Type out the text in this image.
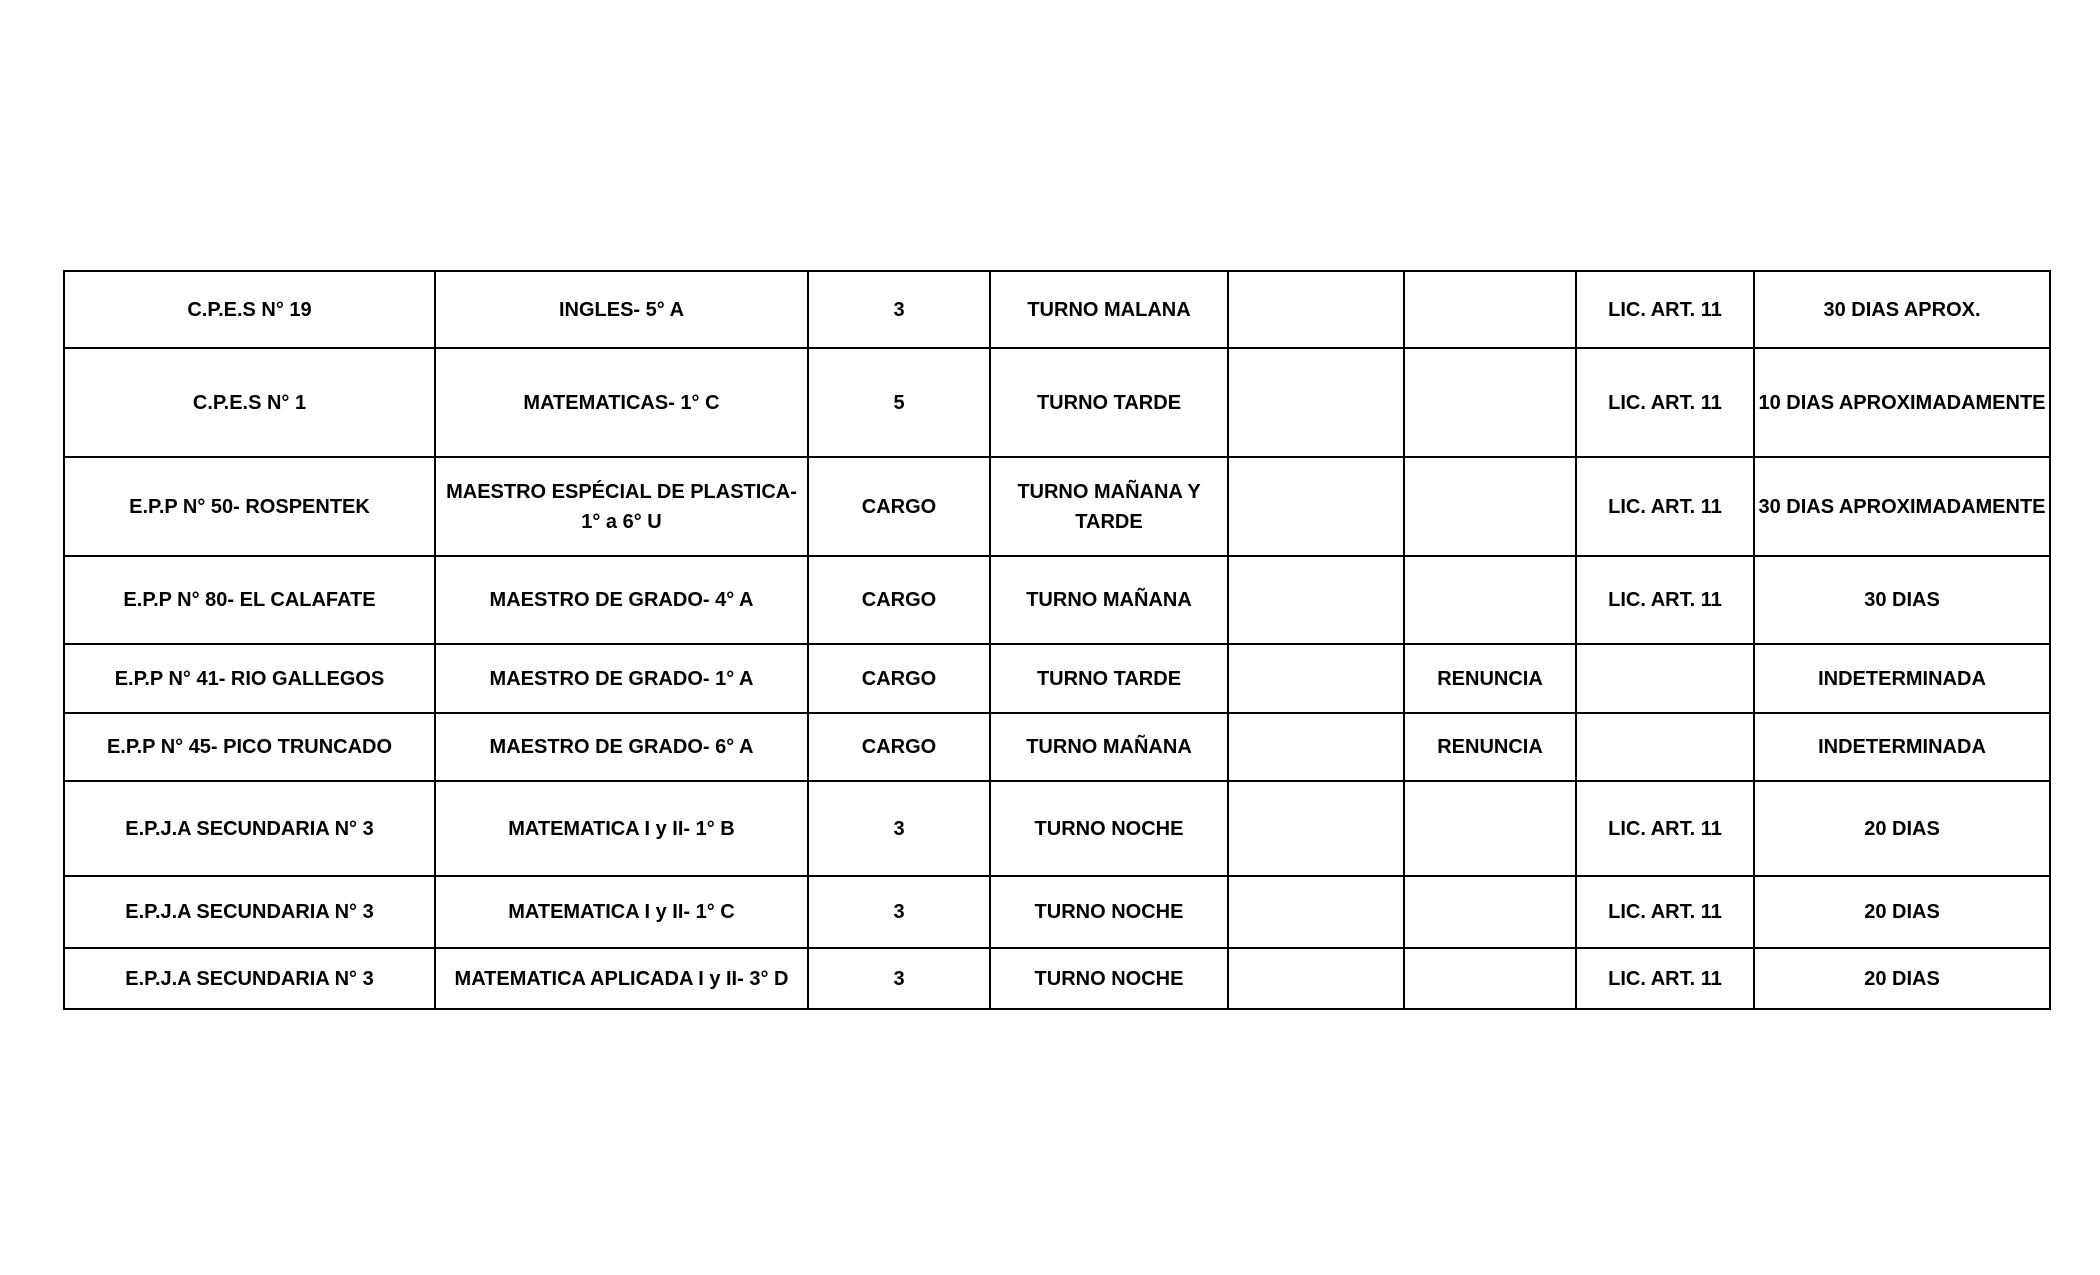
C.P.E.S N° 19	INGLES- 5° A	3	TURNO MALANA			LIC. ART. 11	30 DIAS APROX.
C.P.E.S N° 1	MATEMATICAS- 1° C	5	TURNO TARDE			LIC. ART. 11	10 DIAS APROXIMADAMENTE
E.P.P N° 50- ROSPENTEK	MAESTRO ESPÉCIAL DE PLASTICA- 1° a 6° U	CARGO	TURNO MAÑANA Y TARDE			LIC. ART. 11	30 DIAS APROXIMADAMENTE
E.P.P N° 80- EL CALAFATE	MAESTRO DE GRADO- 4° A	CARGO	TURNO MAÑANA			LIC. ART. 11	30 DIAS
E.P.P N° 41- RIO GALLEGOS	MAESTRO DE GRADO- 1° A	CARGO	TURNO TARDE		RENUNCIA		INDETERMINADA
E.P.P N° 45- PICO TRUNCADO	MAESTRO DE GRADO- 6° A	CARGO	TURNO MAÑANA		RENUNCIA		INDETERMINADA
E.P.J.A SECUNDARIA N° 3	MATEMATICA I y II- 1° B	3	TURNO NOCHE			LIC. ART. 11	20 DIAS
E.P.J.A SECUNDARIA N° 3	MATEMATICA I y II- 1° C	3	TURNO NOCHE			LIC. ART. 11	20 DIAS
E.P.J.A SECUNDARIA N° 3	MATEMATICA APLICADA I y II- 3° D	3	TURNO NOCHE			LIC. ART. 11	20 DIAS
